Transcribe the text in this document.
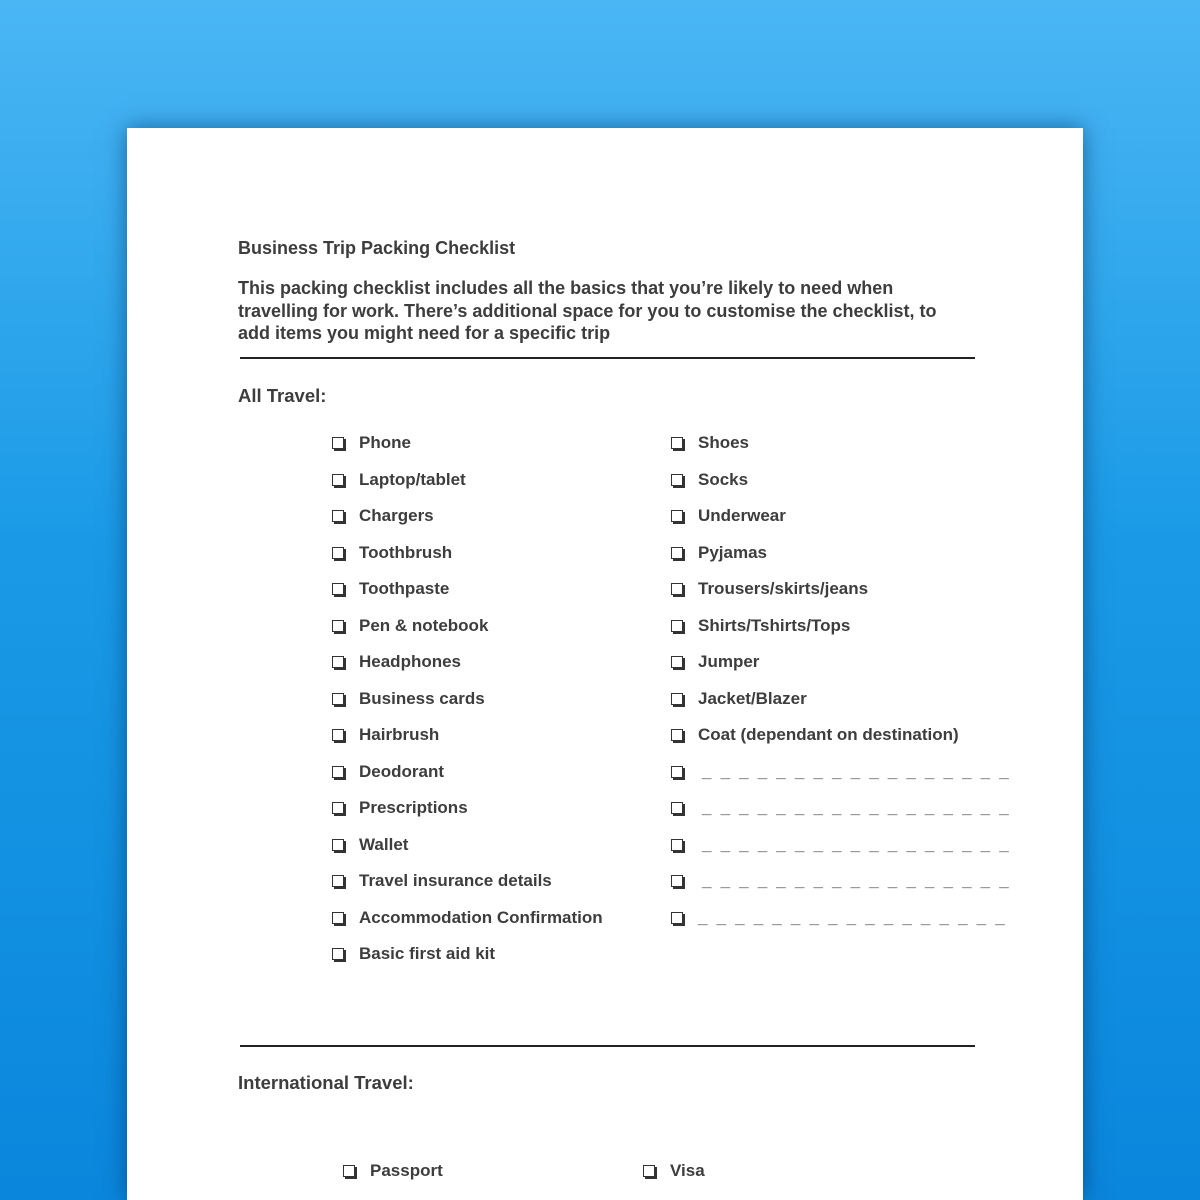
Business Trip Packing Checklist
This packing checklist includes all the basics that you’re likely to need when
travelling for work. There’s additional space for you to customise the checklist, to
add items you might need for a specific trip
All Travel:
Phone
Laptop/tablet
Chargers
Toothbrush
Toothpaste
Pen & notebook
Headphones
Business cards
Hairbrush
Deodorant
Prescriptions
Wallet
Travel insurance details
Accommodation Confirmation
Basic first aid kit
Shoes
Socks
Underwear
Pyjamas
Trousers/skirts/jeans
Shirts/Tshirts/Tops
Jumper
Jacket/Blazer
Coat (dependant on destination)
_ _ _ _ _ _ _ _ _ _ _ _ _ _ _ _ _
_ _ _ _ _ _ _ _ _ _ _ _ _ _ _ _ _
_ _ _ _ _ _ _ _ _ _ _ _ _ _ _ _ _
_ _ _ _ _ _ _ _ _ _ _ _ _ _ _ _ _
_ _ _ _ _ _ _ _ _ _ _ _ _ _ _ _ _
International Travel:
Passport	Visa
